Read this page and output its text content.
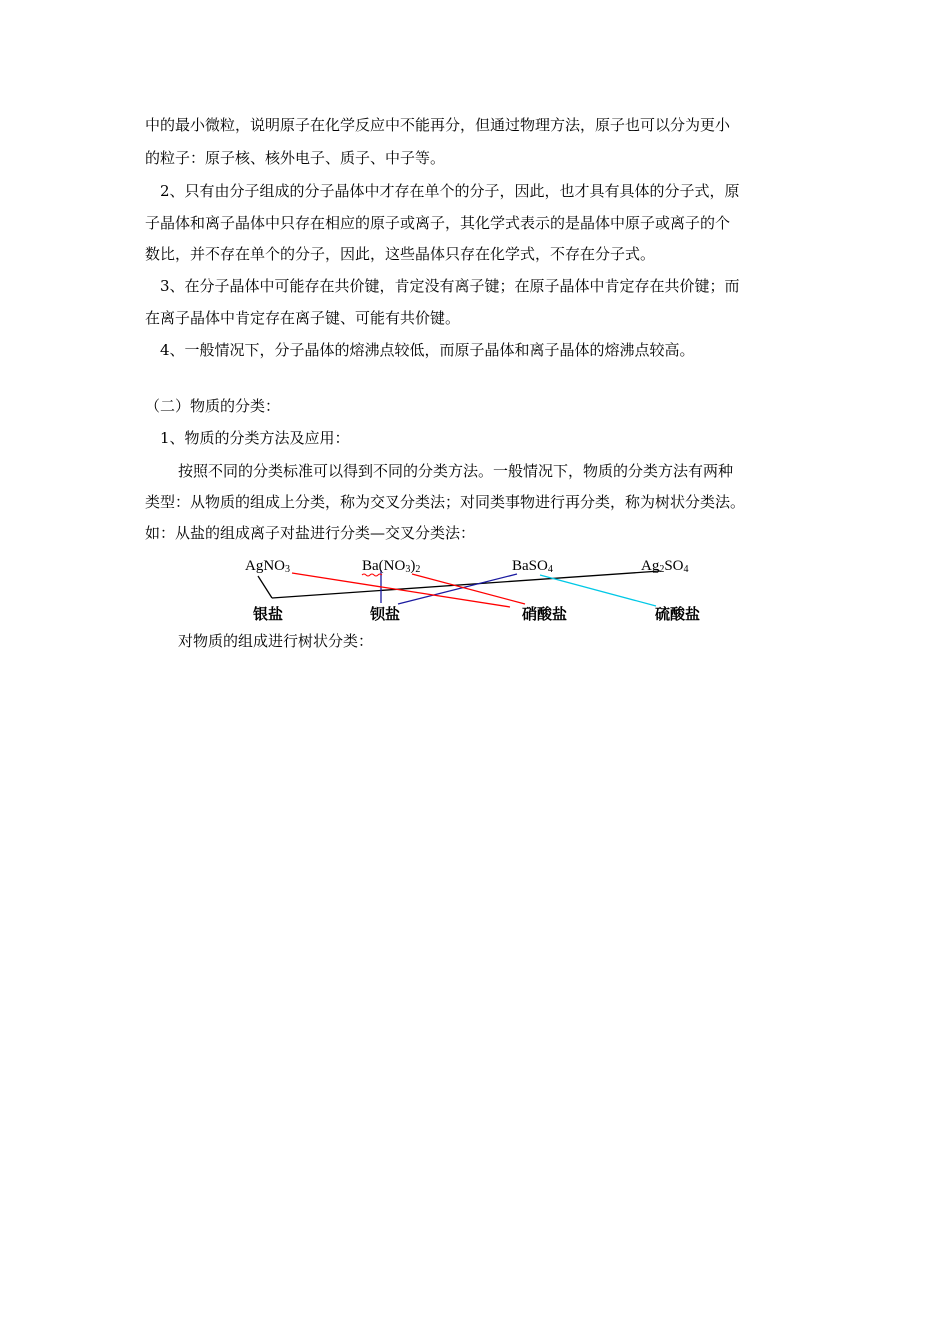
中的最小微粒，说明原子在化学反应中不能再分，但通过物理方法，原子也可以分为更小
的粒子：原子核、核外电子、质子、中子等。
2、只有由分子组成的分子晶体中才存在单个的分子，因此，也才具有具体的分子式，原
子晶体和离子晶体中只存在相应的原子或离子，其化学式表示的是晶体中原子或离子的个
数比，并不存在单个的分子，因此，这些晶体只存在化学式，不存在分子式。
3、在分子晶体中可能存在共价键，肯定没有离子键；在原子晶体中肯定存在共价键；而
在离子晶体中肯定存在离子键、可能有共价键。
4、一般情况下，分子晶体的熔沸点较低，而原子晶体和离子晶体的熔沸点较高。
（二）物质的分类：
1、物质的分类方法及应用：
按照不同的分类标准可以得到不同的分类方法。一般情况下，物质的分类方法有两种
类型：从物质的组成上分类，称为交叉分类法；对同类事物进行再分类，称为树状分类法。
如：从盐的组成离子对盐进行分类—交叉分类法：
AgNO$_3$	$Ba(NO_3)_2$	BaSO$_4$	$Ag_2SO_4$
银盐	钡盐	硝酸盐	硫酸盐
对物质的组成进行树状分类：
